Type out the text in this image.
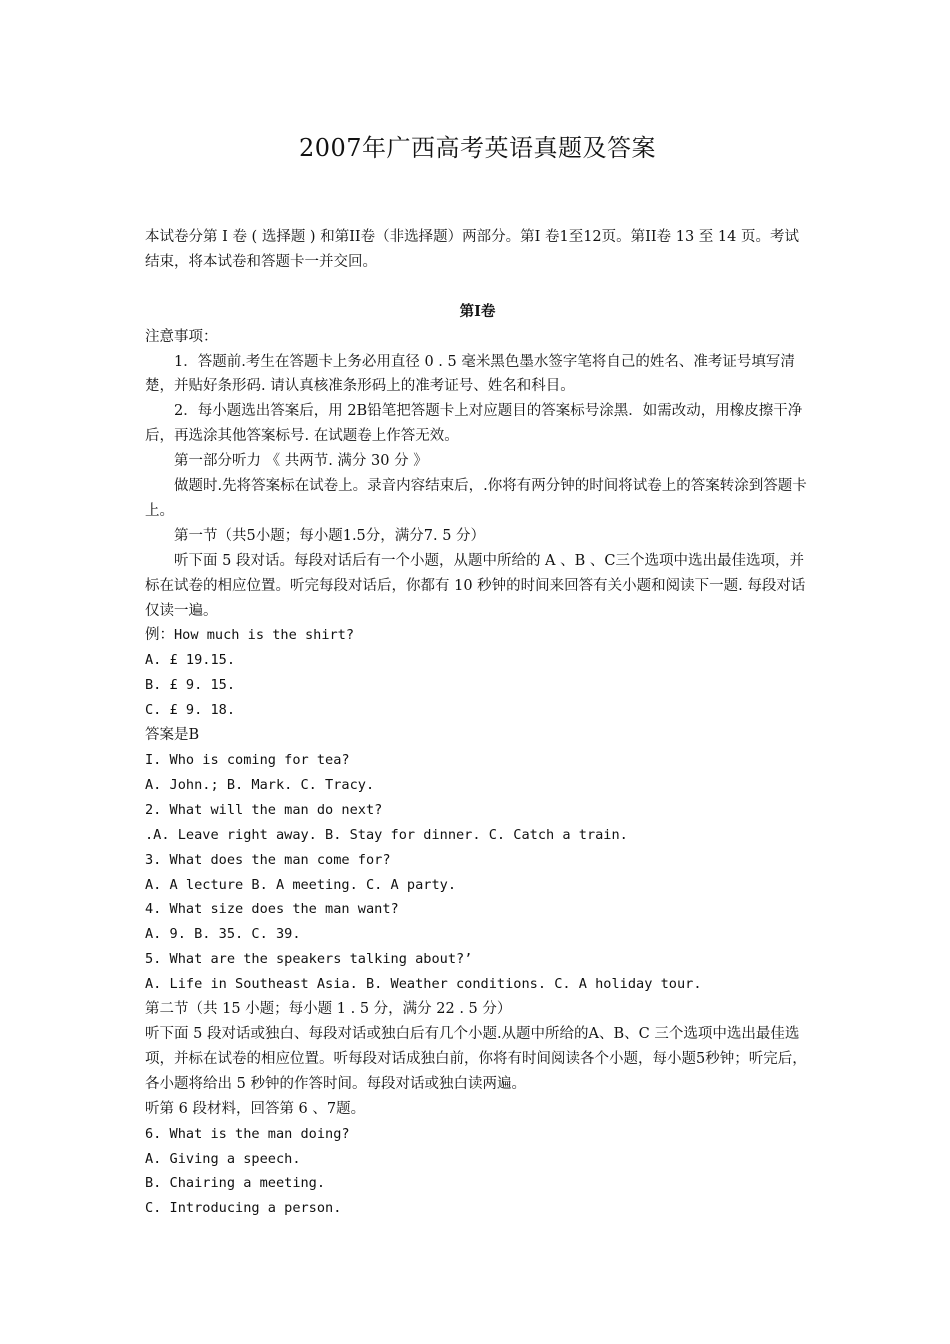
2007年广西高考英语真题及答案

本试卷分第 I 卷 ( 选择题 ) 和第II卷（非选择题）两部分。第I 卷1至12页。第II卷 13 至 14 页。考试结束，将本试卷和答题卡一并交回。

第I卷

注意事项：

1．答题前.考生在答题卡上务必用直径 0 . 5 毫米黑色墨水签字笔将自己的姓名、准考证号填写清楚，并贴好条形码. 请认真核准条形码上的准考证号、姓名和科目。

2．每小题选出答案后，用 2B铅笔把答题卡上对应题目的答案标号涂黑．如需改动，用橡皮擦干净后，再选涂其他答案标号. 在试题卷上作答无效。

第一部分听力 《 共两节. 满分 30 分 》

做题时.先将答案标在试卷上。录音内容结束后，.你将有两分钟的时间将试卷上的答案转涂到答题卡上。

第一节（共5小题；每小题1.5分，满分7. 5 分）

听下面 5 段对话。每段对话后有一个小题，从题中所给的 A 、B 、C三个选项中选出最佳选项，并标在试卷的相应位置。听完每段对话后，你都有 10 秒钟的时间来回答有关小题和阅读下一题. 每段对话仅读一遍。

例：How much is the shirt?

A. £ 19.15.

B. £ 9. 15.

C. £ 9. 18.

答案是B

I. Who is coming for tea?

A. John.; B. Mark. C. Tracy.

2. What will the man do next?

.A. Leave right away. B. Stay for dinner. C. Catch a train.

3. What does the man come for?

A. A lecture B. A meeting. C. A party.

4. What size does the man want?

A. 9. B. 35. C. 39.

5. What are the speakers talking about?’

A. Life in Southeast Asia. B. Weather conditions. C. A holiday tour.

第二节（共 15 小题；每小题 1 . 5 分，满分 22 . 5 分）

听下面 5 段对话或独白、每段对话或独白后有几个小题.从题中所给的A、B、C 三个选项中选出最佳选项，并标在试卷的相应位置。听每段对话成独白前，你将有时间阅读各个小题，每小题5秒钟；听完后，各小题将给出 5 秒钟的作答时间。每段对话或独白读两遍。

听第 6 段材料，回答第 6 、7题。

6. What is the man doing?

A. Giving a speech.

B. Chairing a meeting.

C. Introducing a person.
